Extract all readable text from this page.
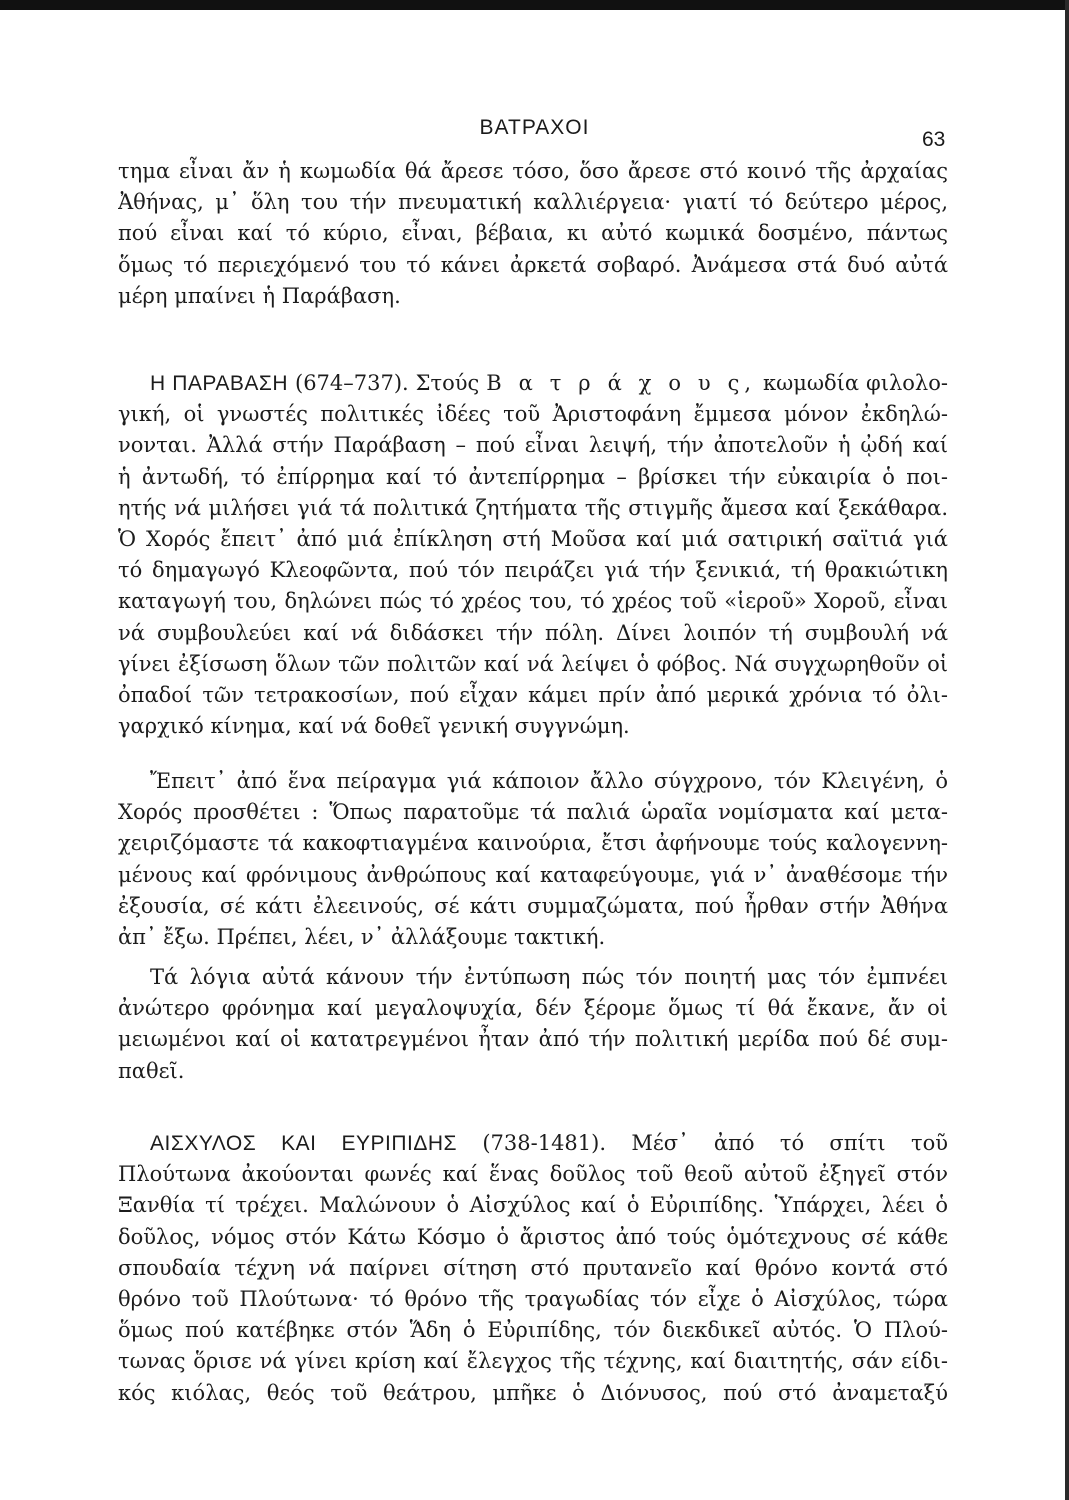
ΒΑΤΡΑΧΟΙ
63
τημα εἶναι ἄν ἡ κωμωδία θά ἄρεσε τόσο, ὅσο ἄρεσε στό κοινό τῆς ἀρχαίας
Ἀθήνας, μ᾽ ὅλη του τήν πνευματική καλλιέργεια· γιατί τό δεύτερο μέρος,
πού εἶναι καί τό κύριο, εἶναι, βέβαια, κι αὐτό κωμικά δοσμένο, πάντως
ὅμως τό περιεχόμενό του τό κάνει ἀρκετά σοβαρό. Ἀνάμεσα στά δυό αὐτά
μέρη μπαίνει ἡ Παράβαση.
Η ΠΑΡΑΒΑΣΗ (674–737). Στούς Β α τ ρ ά χ ο υ ς, κωμωδία φιλολο-
γική, οἱ γνωστές πολιτικές ἰδέες τοῦ Ἀριστοφάνη ἔμμεσα μόνον ἐκδηλώ-
νονται. Ἀλλά στήν Παράβαση – πού εἶναι λειψή, τήν ἀποτελοῦν ἡ ᾠδή καί
ἡ ἀντωδή, τό ἐπίρρημα καί τό ἀντεπίρρημα – βρίσκει τήν εὐκαιρία ὁ ποι-
ητής νά μιλήσει γιά τά πολιτικά ζητήματα τῆς στιγμῆς ἄμεσα καί ξεκάθαρα.
Ὁ Χορός ἔπειτ᾽ ἀπό μιά ἐπίκληση στή Μοῦσα καί μιά σατιρική σαϊτιά γιά
τό δημαγωγό Κλεοφῶντα, πού τόν πειράζει γιά τήν ξενικιά, τή θρακιώτικη
καταγωγή του, δηλώνει πώς τό χρέος του, τό χρέος τοῦ «ἱεροῦ» Χοροῦ, εἶναι
νά συμβουλεύει καί νά διδάσκει τήν πόλη. Δίνει λοιπόν τή συμβουλή νά
γίνει ἐξίσωση ὅλων τῶν πολιτῶν καί νά λείψει ὁ φόβος. Νά συγχωρηθοῦν οἱ
ὀπαδοί τῶν τετρακοσίων, πού εἶχαν κάμει πρίν ἀπό μερικά χρόνια τό ὀλι-
γαρχικό κίνημα, καί νά δοθεῖ γενική συγγνώμη.
Ἔπειτ᾽ ἀπό ἕνα πείραγμα γιά κάποιον ἄλλο σύγχρονο, τόν Κλειγένη, ὁ
Χορός προσθέτει : Ὅπως παρατοῦμε τά παλιά ὡραῖα νομίσματα καί μετα-
χειριζόμαστε τά κακοφτιαγμένα καινούρια, ἔτσι ἀφήνουμε τούς καλογεννη-
μένους καί φρόνιμους ἀνθρώπους καί καταφεύγουμε, γιά ν᾽ ἀναθέσομε τήν
ἐξουσία, σέ κάτι ἐλεεινούς, σέ κάτι συμμαζώματα, πού ἦρθαν στήν Ἀθήνα
ἀπ᾽ ἔξω. Πρέπει, λέει, ν᾽ ἀλλάξουμε τακτική.
Τά λόγια αὐτά κάνουν τήν ἐντύπωση πώς τόν ποιητή μας τόν ἐμπνέει
ἀνώτερο φρόνημα καί μεγαλοψυχία, δέν ξέρομε ὅμως τί θά ἔκανε, ἄν οἱ
μειωμένοι καί οἱ κατατρεγμένοι ἦταν ἀπό τήν πολιτική μερίδα πού δέ συμ-
παθεῖ.
ΑΙΣΧΥΛΟΣ ΚΑΙ ΕΥΡΙΠΙΔΗΣ (738-1481). Μέσ᾽ ἀπό τό σπίτι τοῦ
Πλούτωνα ἀκούονται φωνές καί ἕνας δοῦλος τοῦ θεοῦ αὐτοῦ ἐξηγεῖ στόν
Ξανθία τί τρέχει. Μαλώνουν ὁ Αἰσχύλος καί ὁ Εὐριπίδης. Ὑπάρχει, λέει ὁ
δοῦλος, νόμος στόν Κάτω Κόσμο ὁ ἄριστος ἀπό τούς ὁμότεχνους σέ κάθε
σπουδαία τέχνη νά παίρνει σίτηση στό πρυτανεῖο καί θρόνο κοντά στό
θρόνο τοῦ Πλούτωνα· τό θρόνο τῆς τραγωδίας τόν εἶχε ὁ Αἰσχύλος, τώρα
ὅμως πού κατέβηκε στόν Ἅδη ὁ Εὐριπίδης, τόν διεκδικεῖ αὐτός. Ὁ Πλού-
τωνας ὅρισε νά γίνει κρίση καί ἔλεγχος τῆς τέχνης, καί διαιτητής, σάν είδι-
κός κιόλας, θεός τοῦ θεάτρου, μπῆκε ὁ Διόνυσος, πού στό ἀναμεταξύ
